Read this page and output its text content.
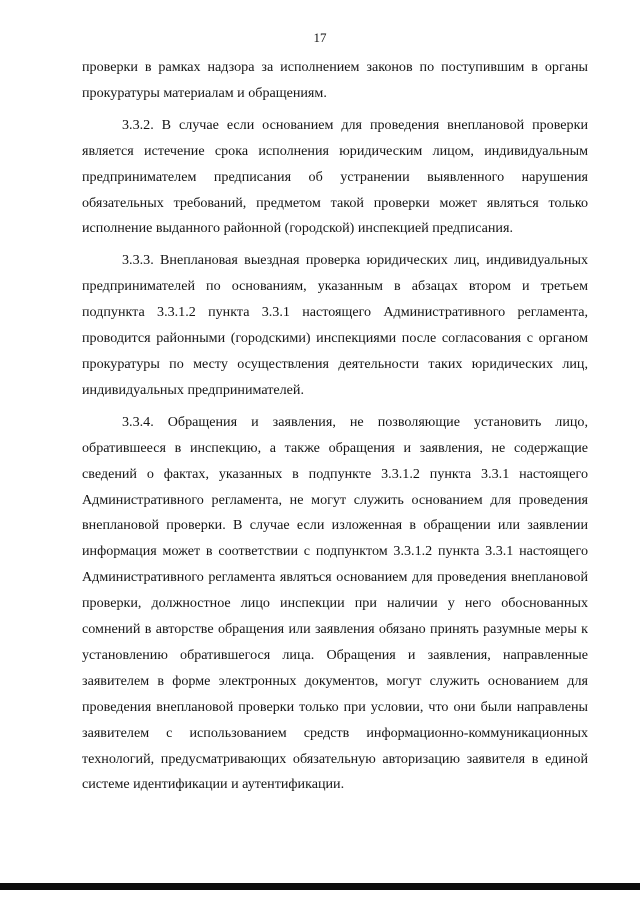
17

проверки в рамках надзора за исполнением законов по поступившим в органы прокуратуры материалам и обращениям.

3.3.2. В случае если основанием для проведения внеплановой проверки является истечение срока исполнения юридическим лицом, индивидуальным предпринимателем предписания об устранении выявленного нарушения обязательных требований, предметом такой проверки может являться только исполнение выданного районной (городской) инспекцией предписания.

3.3.3. Внеплановая выездная проверка юридических лиц, индивидуальных предпринимателей по основаниям, указанным в абзацах втором и третьем подпункта 3.3.1.2 пункта 3.3.1 настоящего Административного регламента, проводится районными (городскими) инспекциями после согласования с органом прокуратуры по месту осуществления деятельности таких юридических лиц, индивидуальных предпринимателей.

3.3.4. Обращения и заявления, не позволяющие установить лицо, обратившееся в инспекцию, а также обращения и заявления, не содержащие сведений о фактах, указанных в подпункте 3.3.1.2 пункта 3.3.1 настоящего Административного регламента, не могут служить основанием для проведения внеплановой проверки. В случае если изложенная в обращении или заявлении информация может в соответствии с подпунктом 3.3.1.2 пункта 3.3.1 настоящего Административного регламента являться основанием для проведения внеплановой проверки, должностное лицо инспекции при наличии у него обоснованных сомнений в авторстве обращения или заявления обязано принять разумные меры к установлению обратившегося лица. Обращения и заявления, направленные заявителем в форме электронных документов, могут служить основанием для проведения внеплановой проверки только при условии, что они были направлены заявителем с использованием средств информационно-коммуникационных технологий, предусматривающих обязательную авторизацию заявителя в единой системе идентификации и аутентификации.
